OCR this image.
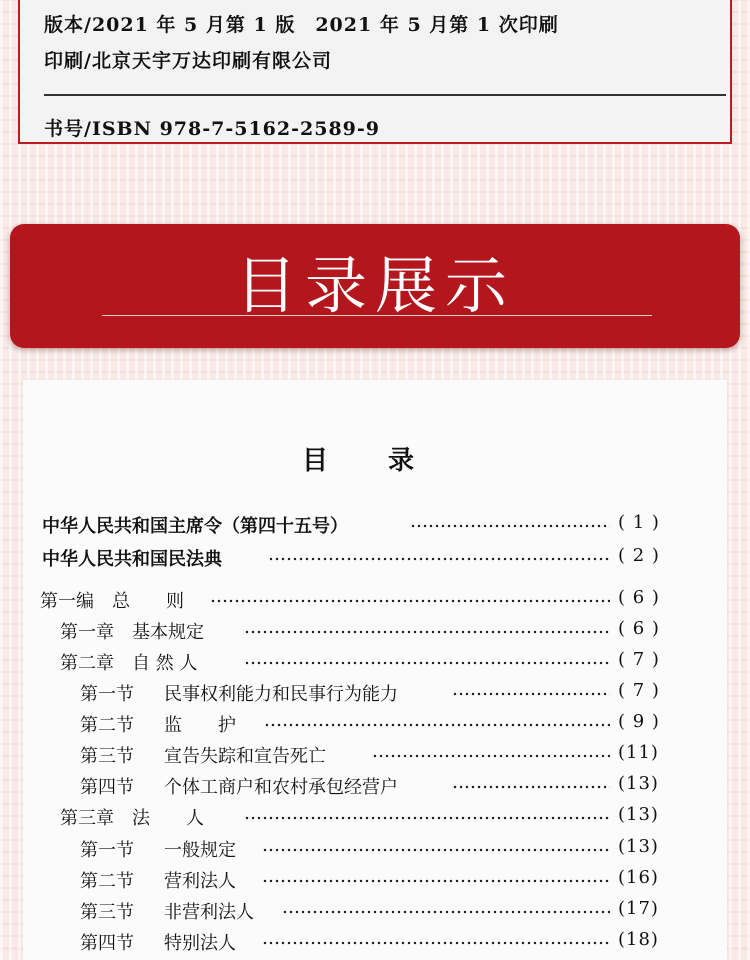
版本/2021 年 5 月第 1 版　2021 年 5 月第 1 次印刷
印刷/北京天宇万达印刷有限公司
书号/ISBN 978-7-5162-2589-9
目录展示
目 录
中华人民共和国主席令（第四十五号）	( 1 )
中华人民共和国民法典	( 2 )
第一编　总　　则	( 6 )
第一章　基本规定	( 6 )
第二章　自 然 人	( 7 )
第一节 民事权利能力和民事行为能力	( 7 )
第二节 监　　护	( 9 )
第三节 宣告失踪和宣告死亡	(11)
第四节 个体工商户和农村承包经营户	(13)
第三章　法　　人	(13)
第一节 一般规定	(13)
第二节 营利法人	(16)
第三节 非营利法人	(17)
第四节 特别法人	(18)
